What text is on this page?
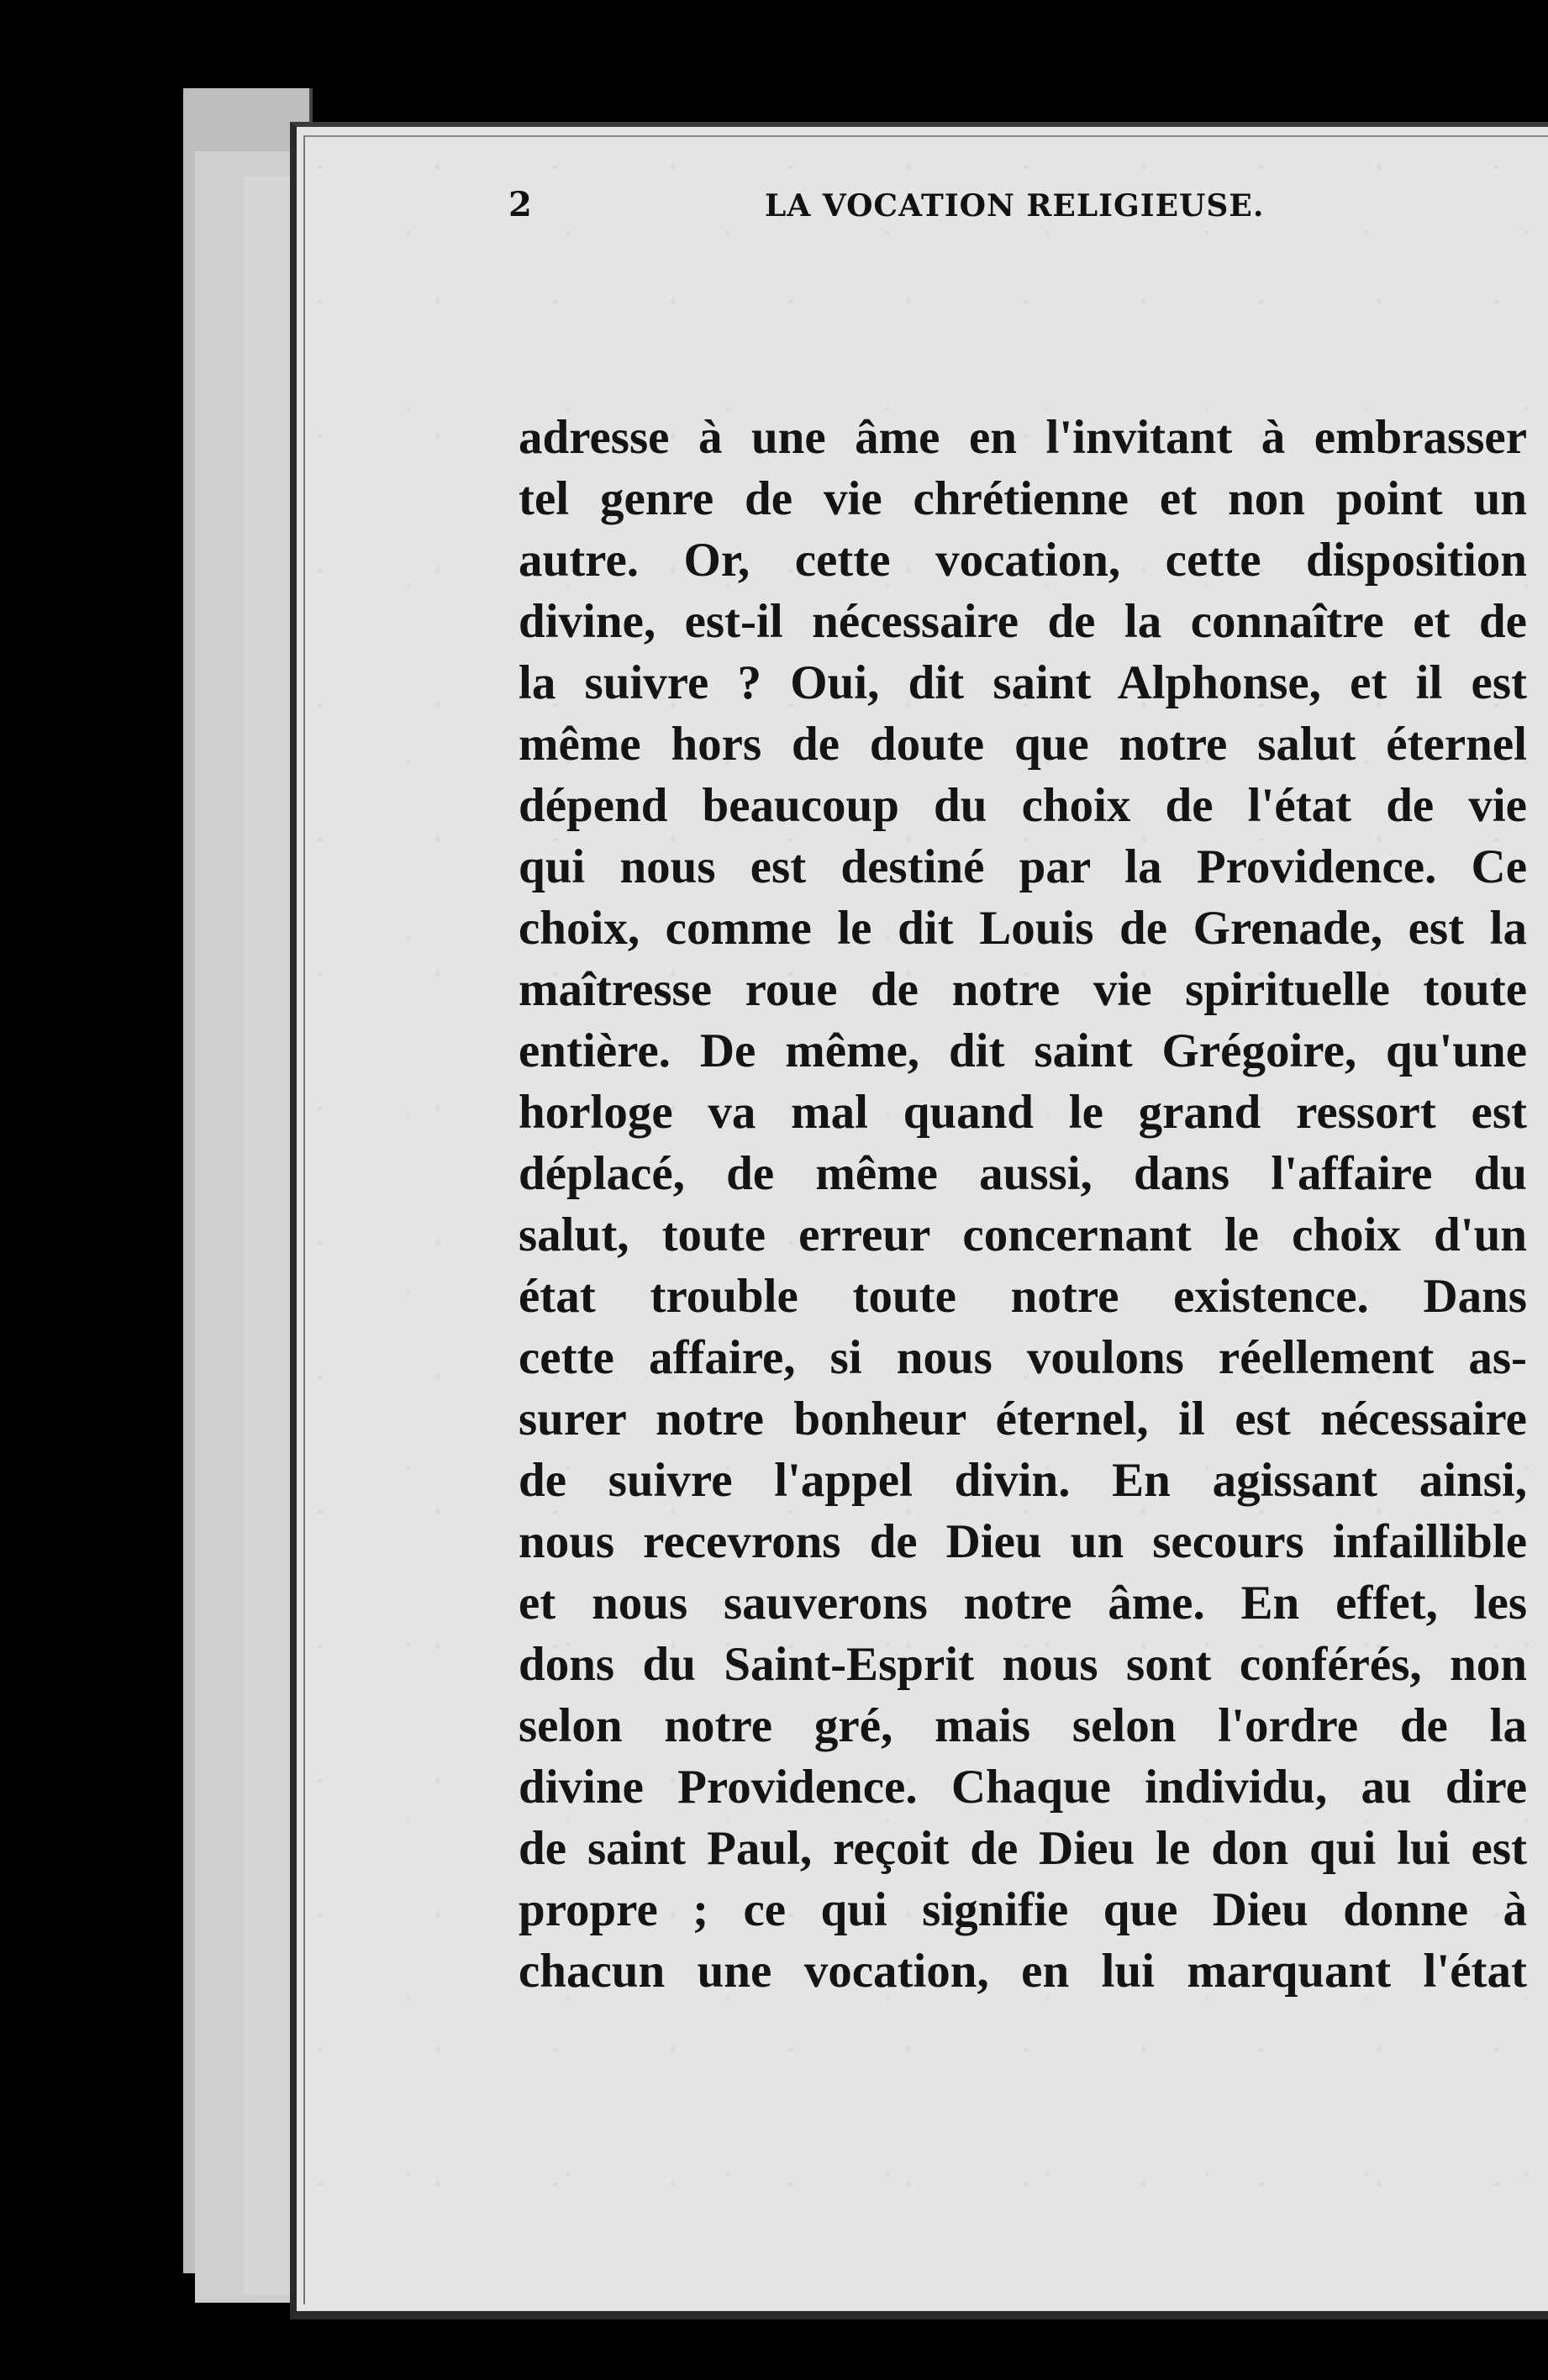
2	LA VOCATION RELIGIEUSE.
adresse à une âme en l'invitant à embrasser
tel genre de vie chrétienne et non point un
autre. Or, cette vocation, cette disposition
divine, est-il nécessaire de la connaître et de
la suivre ? Oui, dit saint Alphonse, et il est
même hors de doute que notre salut éternel
dépend beaucoup du choix de l'état de vie
qui nous est destiné par la Providence. Ce
choix, comme le dit Louis de Grenade, est la
maîtresse roue de notre vie spirituelle toute
entière. De même, dit saint Grégoire, qu'une
horloge va mal quand le grand ressort est
déplacé, de même aussi, dans l'affaire du
salut, toute erreur concernant le choix d'un
état trouble toute notre existence. Dans
cette affaire, si nous voulons réellement as-
surer notre bonheur éternel, il est nécessaire
de suivre l'appel divin. En agissant ainsi,
nous recevrons de Dieu un secours infaillible
et nous sauverons notre âme. En effet, les
dons du Saint-Esprit nous sont conférés, non
selon notre gré, mais selon l'ordre de la
divine Providence. Chaque individu, au dire
de saint Paul, reçoit de Dieu le don qui lui est
propre ; ce qui signifie que Dieu donne à
chacun une vocation, en lui marquant l'état
